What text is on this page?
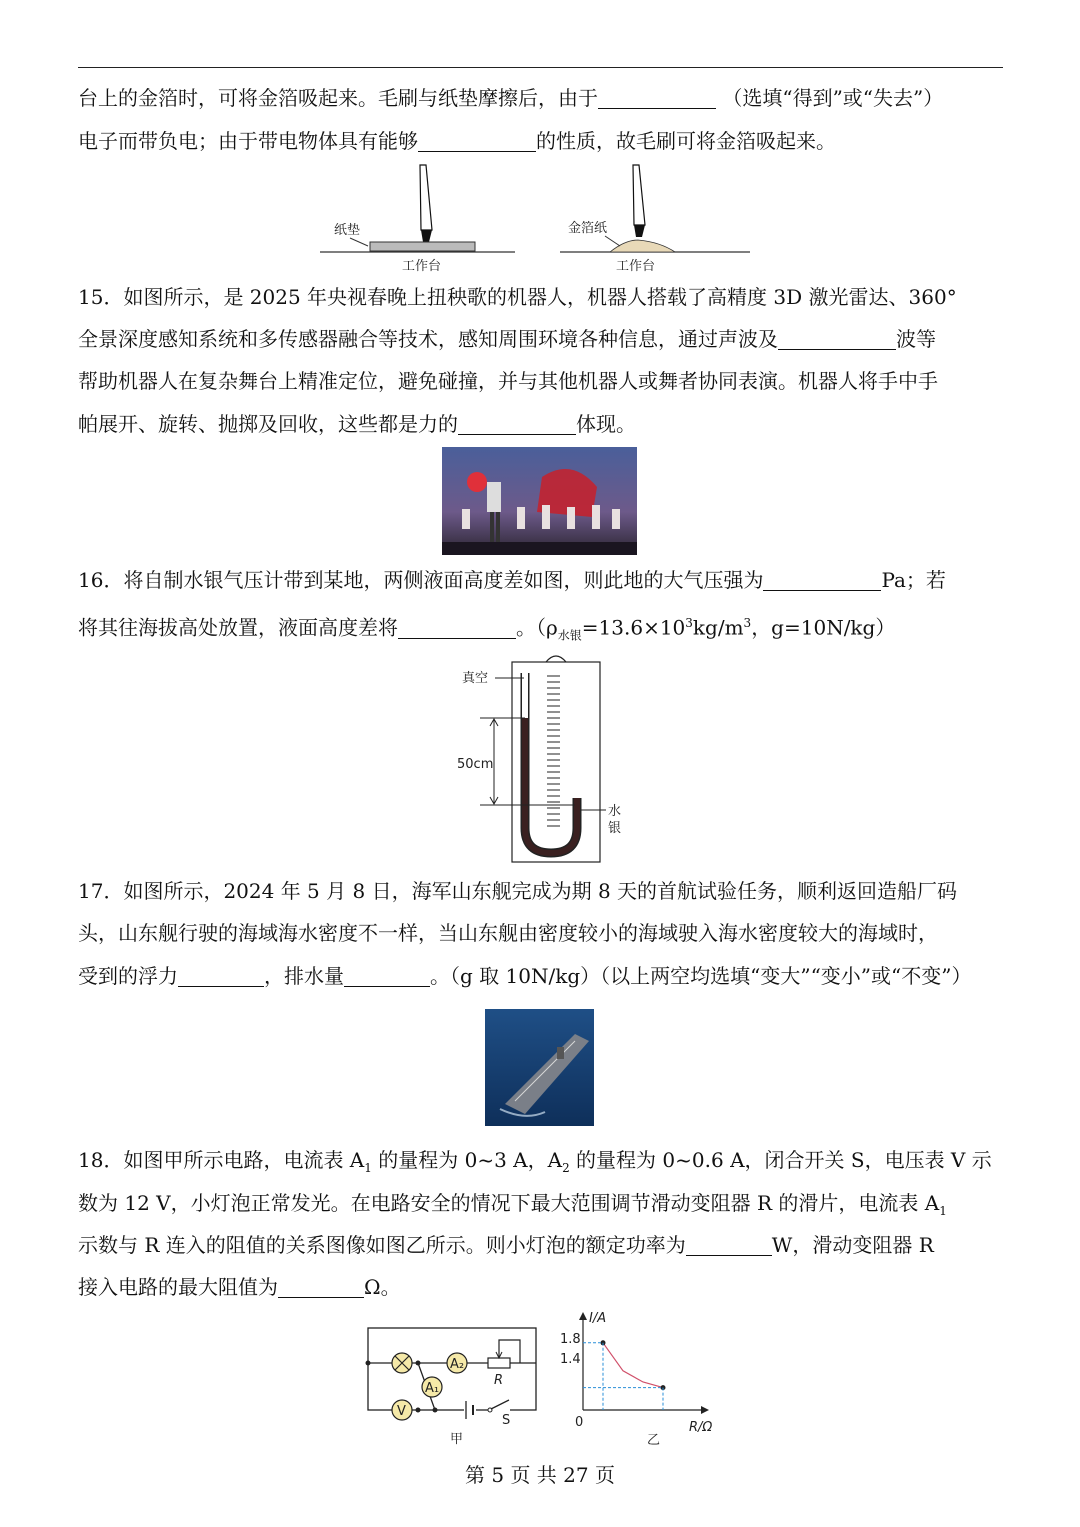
台上的金箔时，可将金箔吸起来。毛刷与纸垫摩擦后，由于	（选填“得到”或“失去”）
电子而带负电；由于带电物体具有能够	的性质，故毛刷可将金箔吸起来。
纸垫
工作台
金箔纸
工作台
15．如图所示，是 2025 年央视春晚上扭秧歌的机器人，机器人搭载了高精度 3D 激光雷达、360°
全景深度感知系统和多传感器融合等技术，感知周围环境各种信息，通过声波及	波等
帮助机器人在复杂舞台上精准定位，避免碰撞，并与其他机器人或舞者协同表演。机器人将手中手
帕展开、旋转、抛掷及回收，这些都是力的	体现。
16．将自制水银气压计带到某地，两侧液面高度差如图，则此地的大气压强为	Pa；若
将其往海拔高处放置，液面高度差将	。（$\rho_{水银}=13.6\times 10^3kg/m^3$，g=10N/kg）
50cm
真空
水
银
17．如图所示，2024 年 5 月 8 日，海军山东舰完成为期 8 天的首航试验任务，顺利返回造船厂码
头，山东舰行驶的海域海水密度不一样，当山东舰由密度较小的海域驶入海水密度较大的海域时，
受到的浮力	，排水量	。（g 取 10N/kg）（以上两空均选填“变大”“变小”或“不变”）
18．如图甲所示电路，电流表 $A_1$ 的量程为 0~3 A，$A_2$ 的量程为 0~0.6 A，闭合开关 S，电压表 V 示
数为 12 V，小灯泡正常发光。在电路安全的情况下最大范围调节滑动变阻器 R 的滑片，电流表 $A_1$
示数与 R 连入的阻值的关系图像如图乙所示。则小灯泡的额定功率为	W，滑动变阻器 R
接入电路的最大阻值为	Ω。
A₂
R
A₁
V
S
甲
I/A
R/Ω
0
1.8
1.4
乙
第 5 页 共 27 页
